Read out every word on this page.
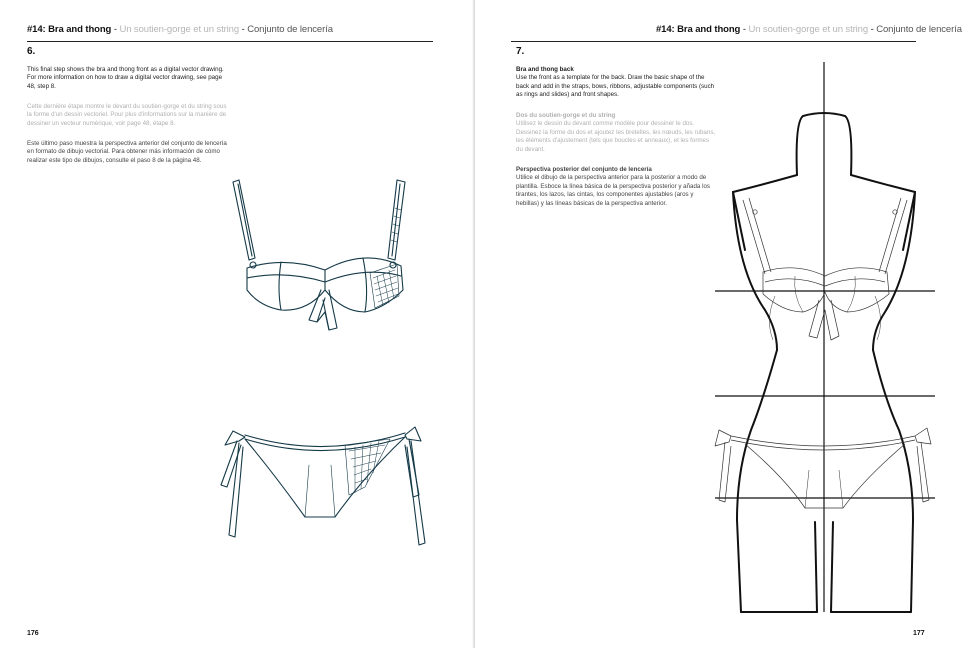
#14: Bra and thong - Un soutien-gorge et un string - Conjunto de lencería
6.
This final step shows the bra and thong front as a digital vector drawing. For more information on how to draw a digital vector drawing, see page 48, step 8.
Cette dernière étape montre le devant du soutien-gorge et du string sous la forme d'un dessin vectoriel. Pour plus d'informations sur la manière de dessiner un vecteur numérique, voir page 48, étape 8.
Este último paso muestra la perspectiva anterior del conjunto de lencería en formato de dibujo vectorial. Para obtener más información de cómo realizar este tipo de dibujos, consulte el paso 8 de la página 48.
176
#14: Bra and thong - Un soutien-gorge et un string - Conjunto de lencería
7.
Bra and thong back
Use the front as a template for the back. Draw the basic shape of the back and add in the straps, bows, ribbons, adjustable components (such as rings and slides) and front shapes.
Dos du soutien-gorge et du string
Utilisez le dessin du devant comme modèle pour dessiner le dos. Dessinez la forme du dos et ajoutez les bretelles, les nœuds, les rubans, les éléments d'ajustement (tels que boucles et anneaux), et les formes du devant.
Perspectiva posterior del conjunto de lencería
Utilice el dibujo de la perspectiva anterior para la posterior a modo de plantilla. Esboce la línea básica de la perspectiva posterior y añada los tirantes, los lazos, las cintas, los componentes ajustables (aros y hebillas) y las líneas básicas de la perspectiva anterior.
177
